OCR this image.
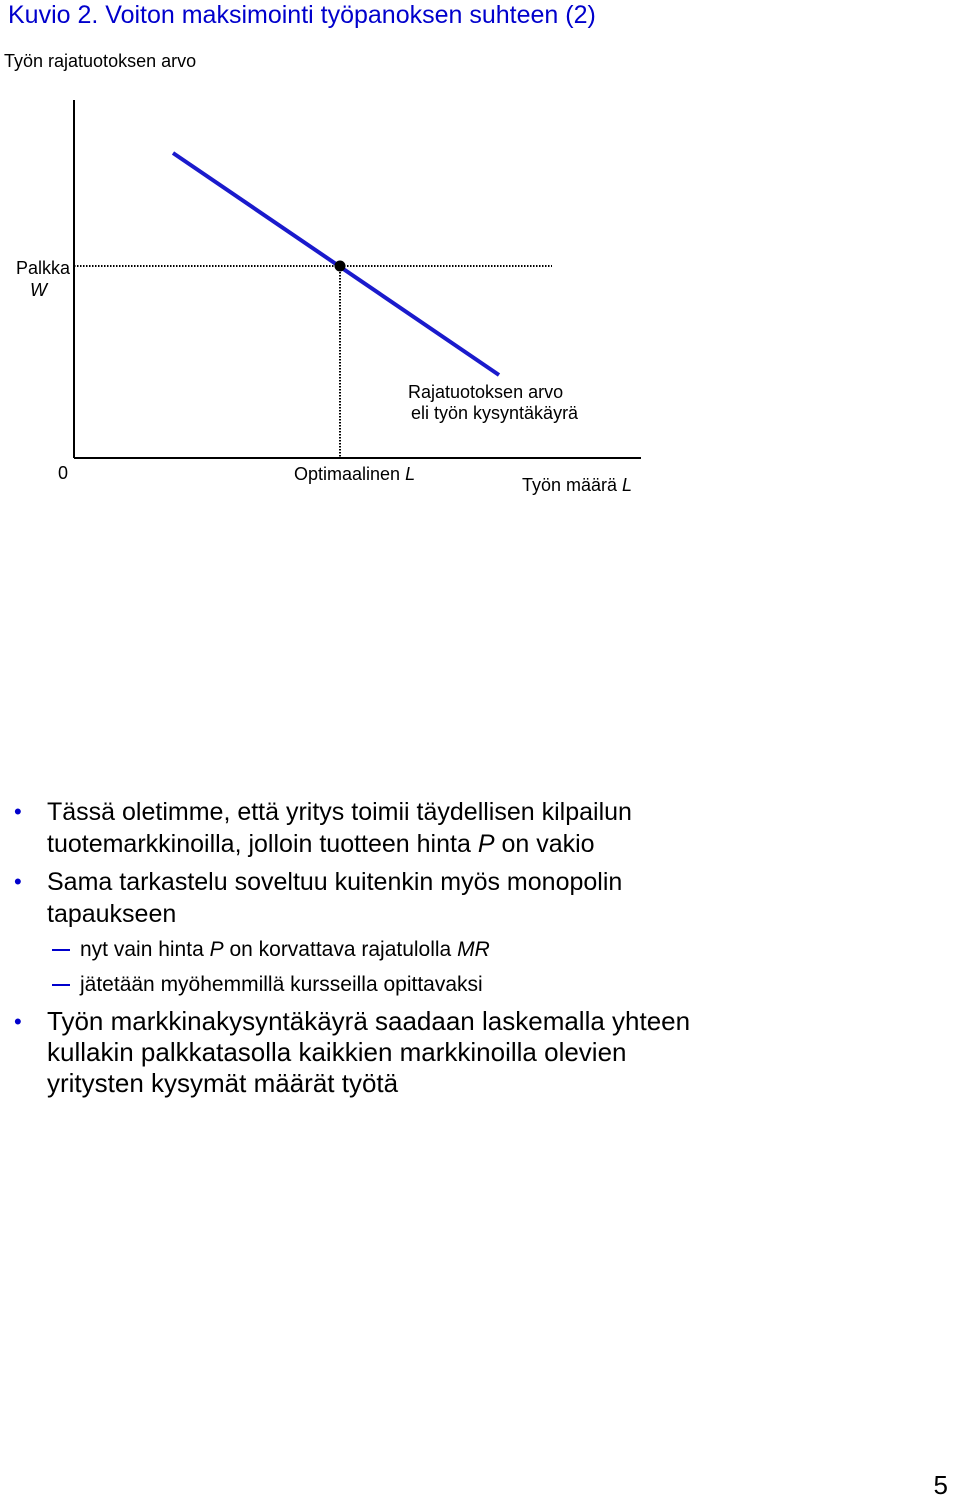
Kuvio 2. Voiton maksimointi työpanoksen suhteen (2)
Työn rajatuotoksen arvo
Palkka
W
Rajatuotoksen arvo
eli työn kysyntäkäyrä
0	Optimaalinen L
Työn määrä L
• Tässä oletimme, että yritys toimii täydellisen kilpailun
tuotemarkkinoilla, jolloin tuotteen hinta P on vakio
• Sama tarkastelu soveltuu kuitenkin myös monopolin
tapaukseen
nyt vain hinta P on korvattava rajatulolla MR
jätetään myöhemmillä kursseilla opittavaksi
• Työn markkinakysyntäkäyrä saadaan laskemalla yhteen
kullakin palkkatasolla kaikkien markkinoilla olevien
yritysten kysymät määrät työtä
5
